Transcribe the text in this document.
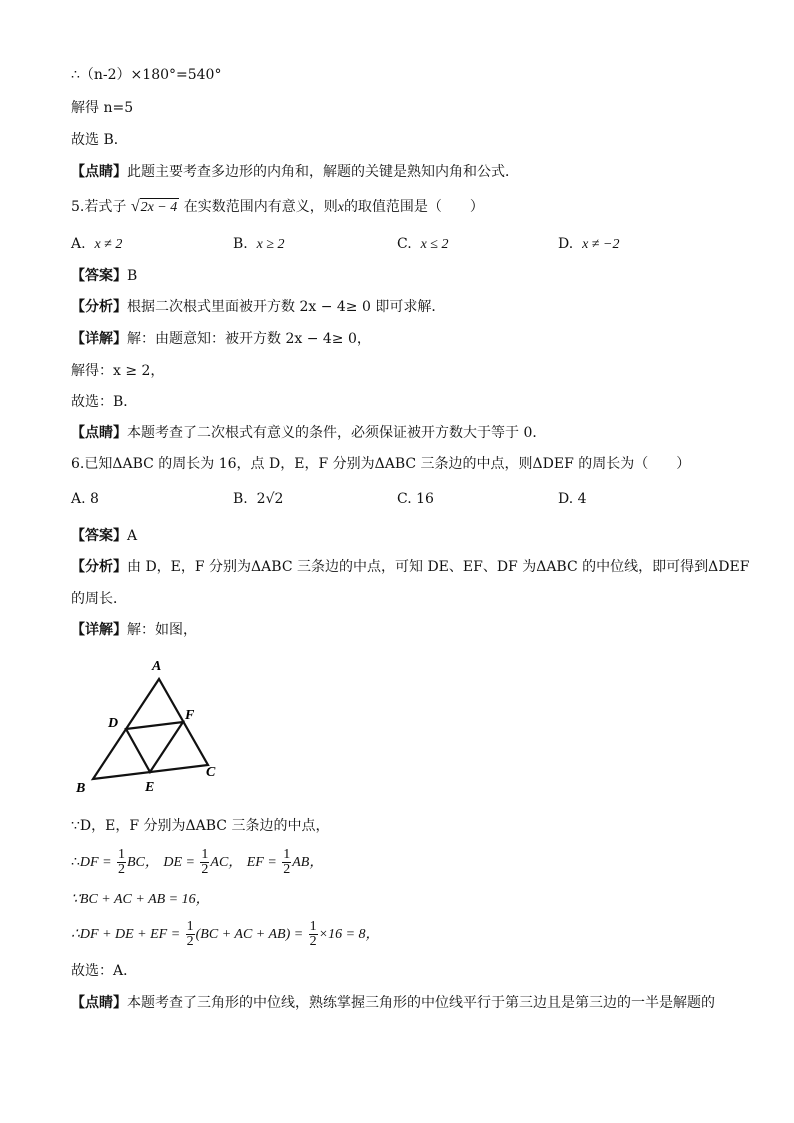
∴（n-2）×180°=540°
解得 n=5
故选 B．
【点睛】此题主要考查多边形的内角和，解题的关键是熟知内角和公式．
5.若式子 √2x − 4 在实数范围内有意义，则x的取值范围是（　　）
A. x ≠ 2	B. x ≥ 2	C. x ≤ 2	D. x ≠ −2
【答案】B
【分析】根据二次根式里面被开方数 2x − 4≥ 0 即可求解．
【详解】解：由题意知：被开方数 2x − 4≥ 0，
解得：x ≥ 2，
故选：B．
【点睛】本题考查了二次根式有意义的条件，必须保证被开方数大于等于 0．
6.已知ΔABC 的周长为 16，点 D，E，F 分别为ΔABC 三条边的中点，则ΔDEF 的周长为（　　）
A. 8	B. 2√2	C. 16	D. 4
【答案】A
【分析】由 D，E，F 分别为ΔABC 三条边的中点，可知 DE、EF、DF 为ΔABC 的中位线，即可得到ΔDEF
的周长．
【详解】解：如图，
A
B
C
D
E
F
∵D，E，F 分别为ΔABC 三条边的中点，
∴DF = $\frac{1}{2}$ BC， DE = $\frac{1}{2}$ AC， EF = $\frac{1}{2}$ AB，
∵BC + AC + AB = 16，
∴DF + DE + EF = $\frac{1}{2} (BC$ + AC + $AB) = \frac{1}{2} \times 16 = 8$，
故选：A．
【点睛】本题考查了三角形的中位线，熟练掌握三角形的中位线平行于第三边且是第三边的一半是解题的
